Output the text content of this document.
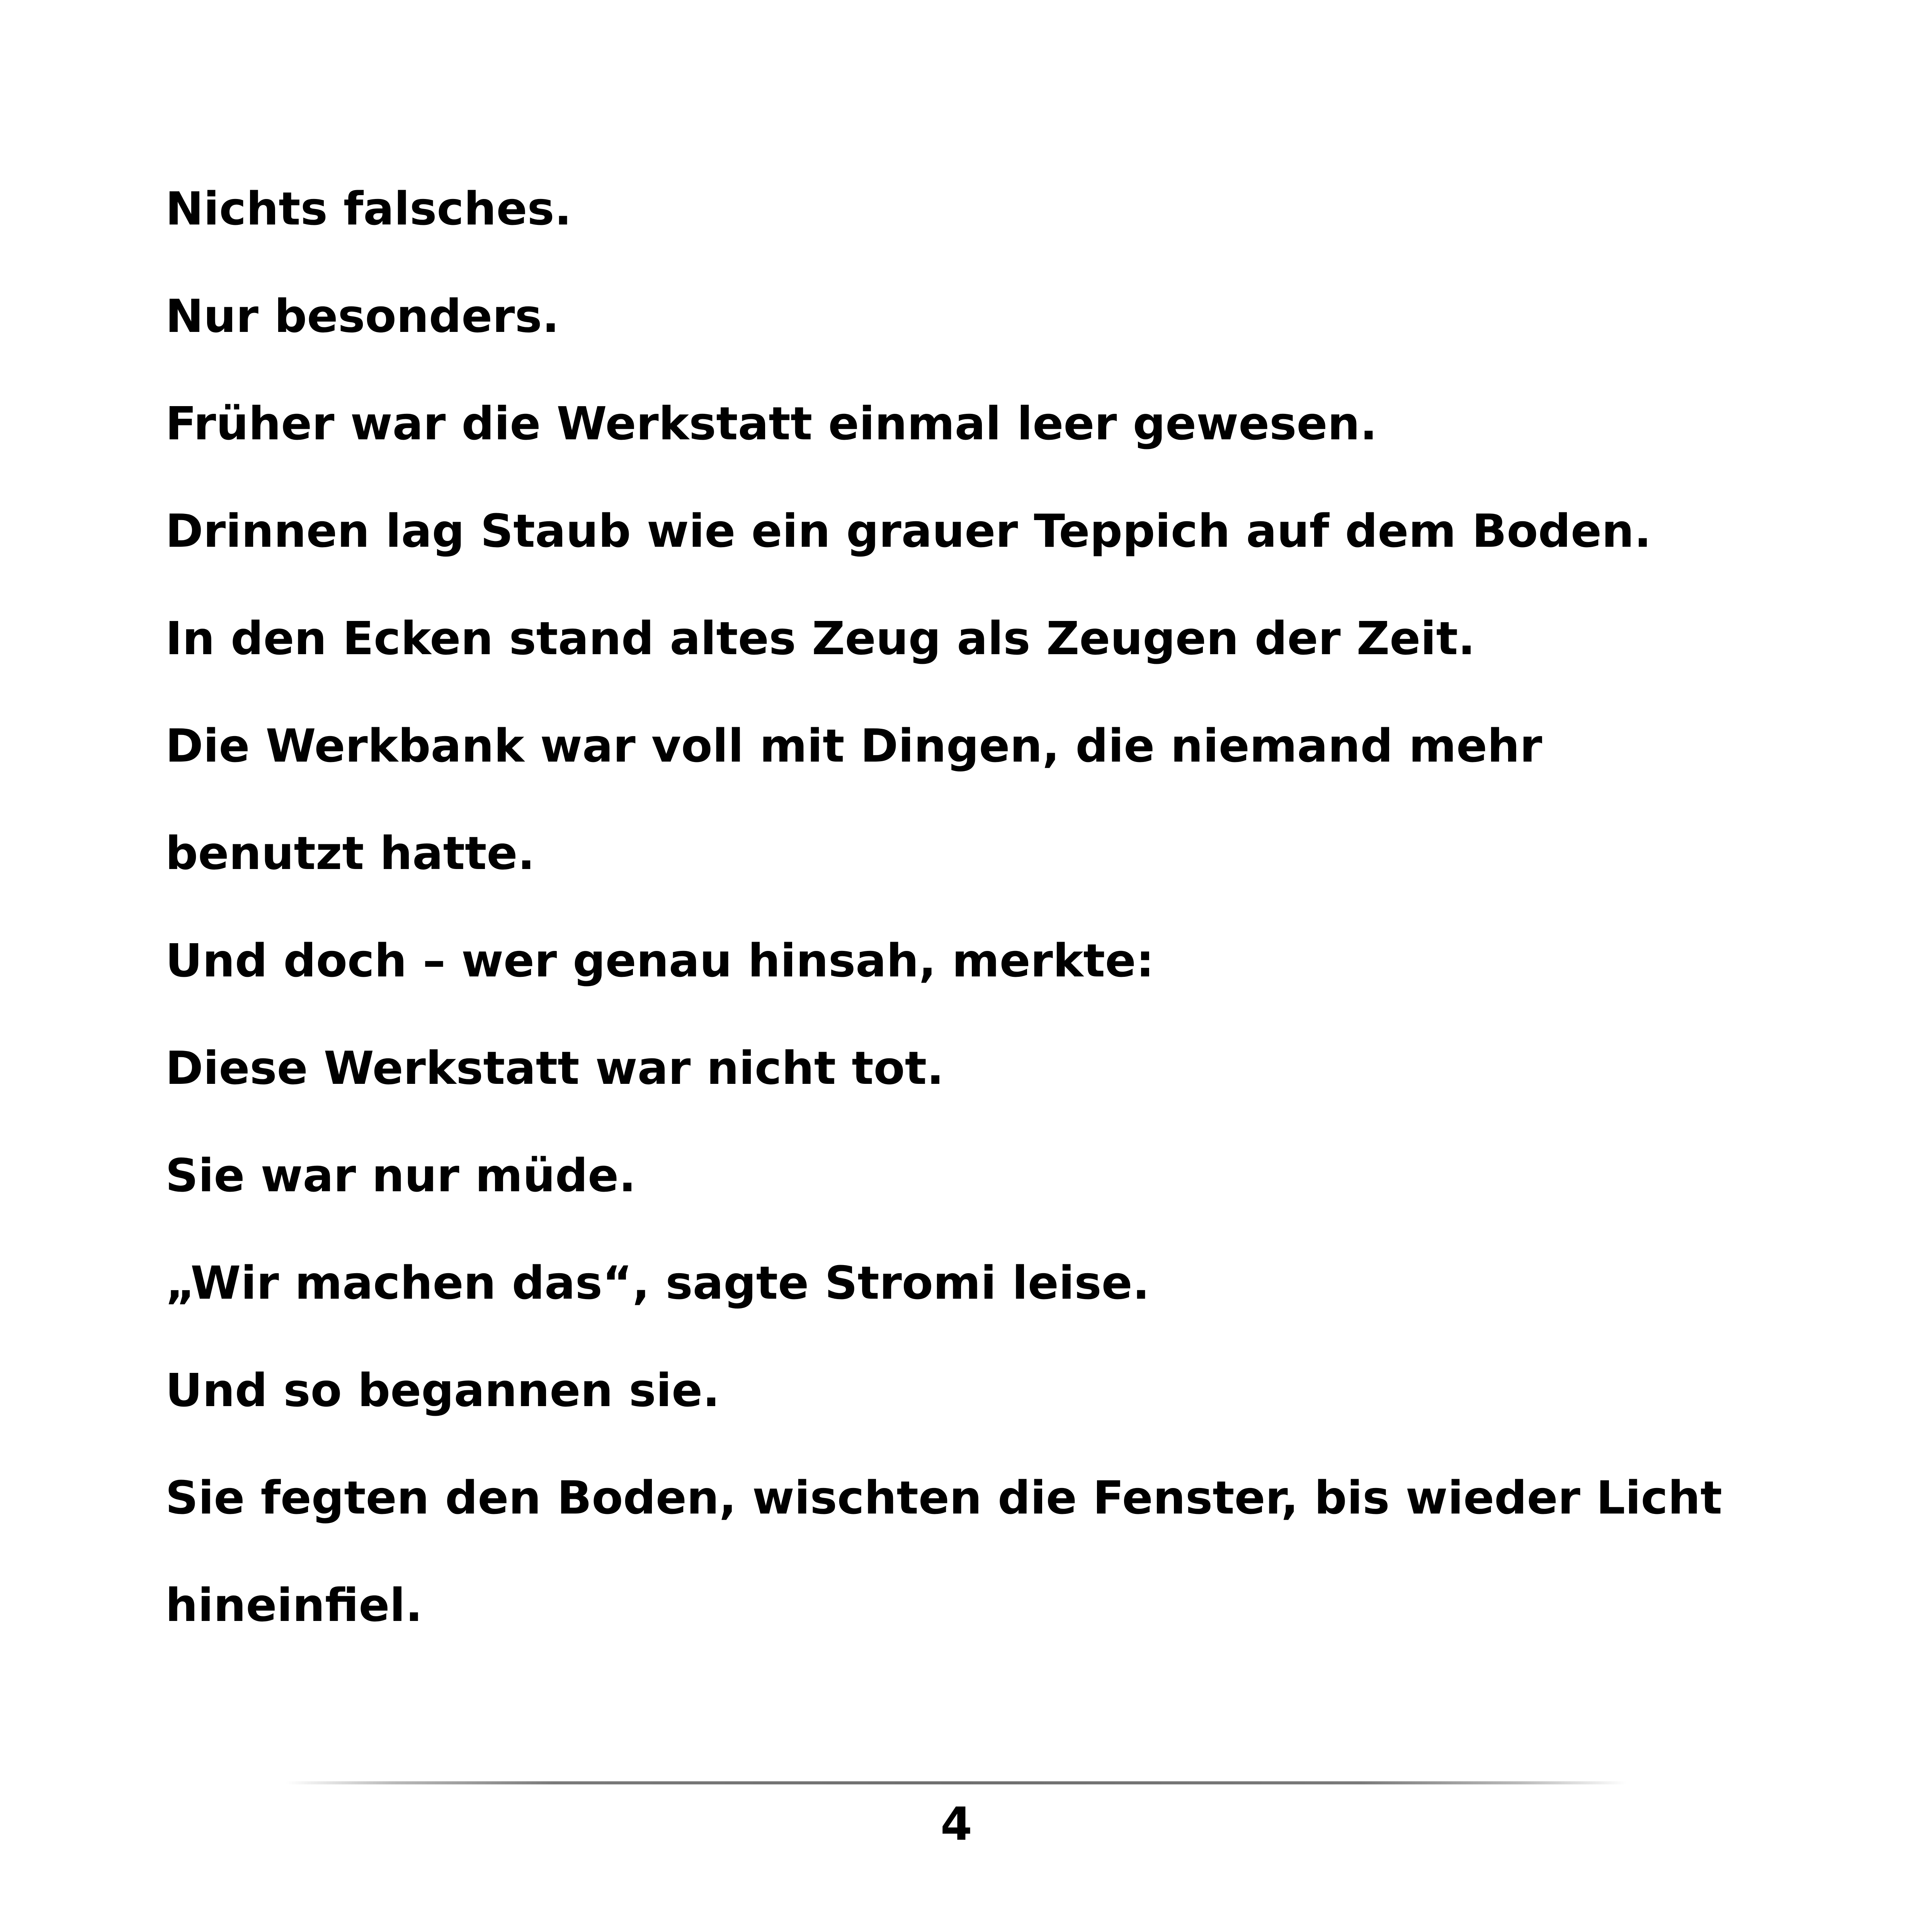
Nichts falsches.

Nur besonders.

Früher war die Werkstatt einmal leer gewesen.

Drinnen lag Staub wie ein grauer Teppich auf dem Boden.

In den Ecken stand altes Zeug als Zeugen der Zeit.

Die Werkbank war voll mit Dingen, die niemand mehr

benutzt hatte.

Und doch – wer genau hinsah, merkte:

Diese Werkstatt war nicht tot.

Sie war nur müde.

„Wir machen das“, sagte Stromi leise.

Und so begannen sie.

Sie fegten den Boden, wischten die Fenster, bis wieder Licht

hineinfiel.

4
